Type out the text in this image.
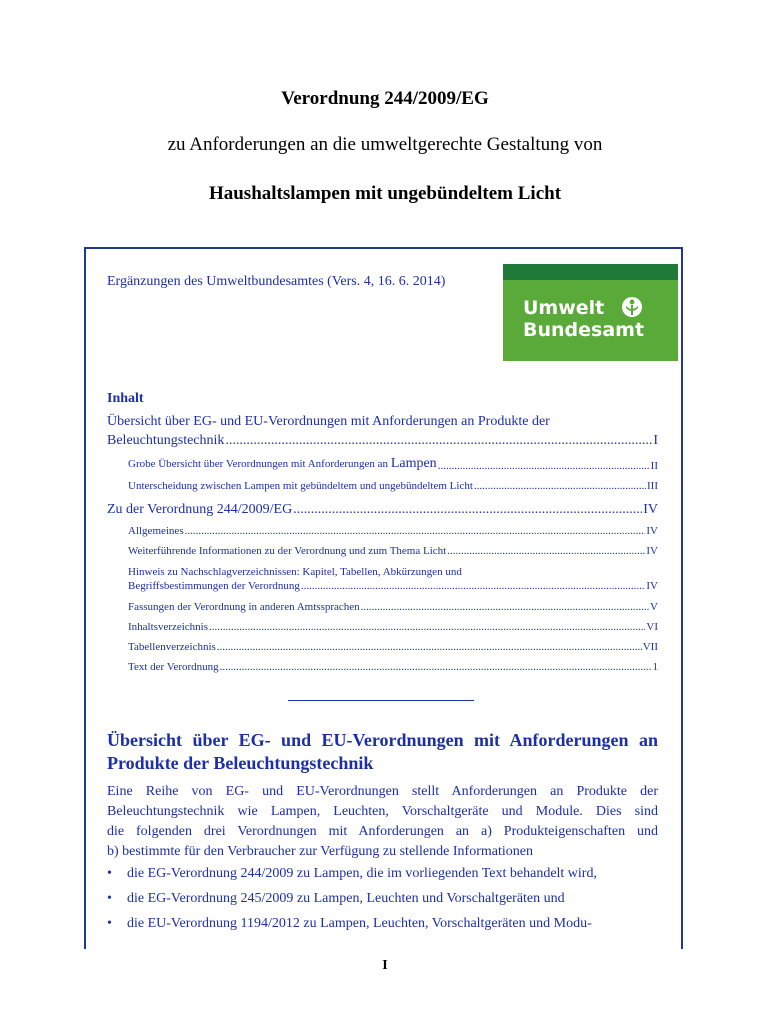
Verordnung 244/2009/EG
zu Anforderungen an die umweltgerechte Gestaltung von
Haushaltslampen mit ungebündeltem Licht
Ergänzungen des Umweltbundesamtes (Vers. 4, 16. 6. 2014)
Umwelt
Bundesamt
Inhalt
Übersicht über EG- und EU-Verordnungen mit Anforderungen an Produkte der
Beleuchtungstechnik .....	I
Grobe Übersicht über Verordnungen mit Anforderungen an Lampen .....	II
Unterscheidung zwischen Lampen mit gebündeltem und ungebündeltem Licht .....	III
Zu der Verordnung 244/2009/EG .....	IV
Allgemeines .....	IV
Weiterführende Informationen zu der Verordnung und zum Thema Licht .....	IV
Hinweis zu Nachschlagverzeichnissen: Kapitel, Tabellen, Abkürzungen und
Begriffsbestimmungen der Verordnung .....	IV
Fassungen der Verordnung in anderen Amtssprachen .....	V
Inhaltsverzeichnis .....	VI
Tabellenverzeichnis .....	VII
Text der Verordnung .....	1
Übersicht über EG- und EU-Verordnungen mit Anforderungen an Produkte der Beleuchtungstechnik
Eine Reihe von EG- und EU-Verordnungen stellt Anforderungen an Produkte der
Beleuchtungstechnik wie Lampen, Leuchten, Vorschaltgeräte und Module. Dies sind
die folgenden drei Verordnungen mit Anforderungen an a) Produkteigenschaften und
b) bestimmte für den Verbraucher zur Verfügung zu stellende Informationen
•	die EG-Verordnung 244/2009 zu Lampen, die im vorliegenden Text behandelt wird,
•	die EG-Verordnung 245/2009 zu Lampen, Leuchten und Vorschaltgeräten und
•	die EU-Verordnung 1194/2012 zu Lampen, Leuchten, Vorschaltgeräten und Modu-
I
